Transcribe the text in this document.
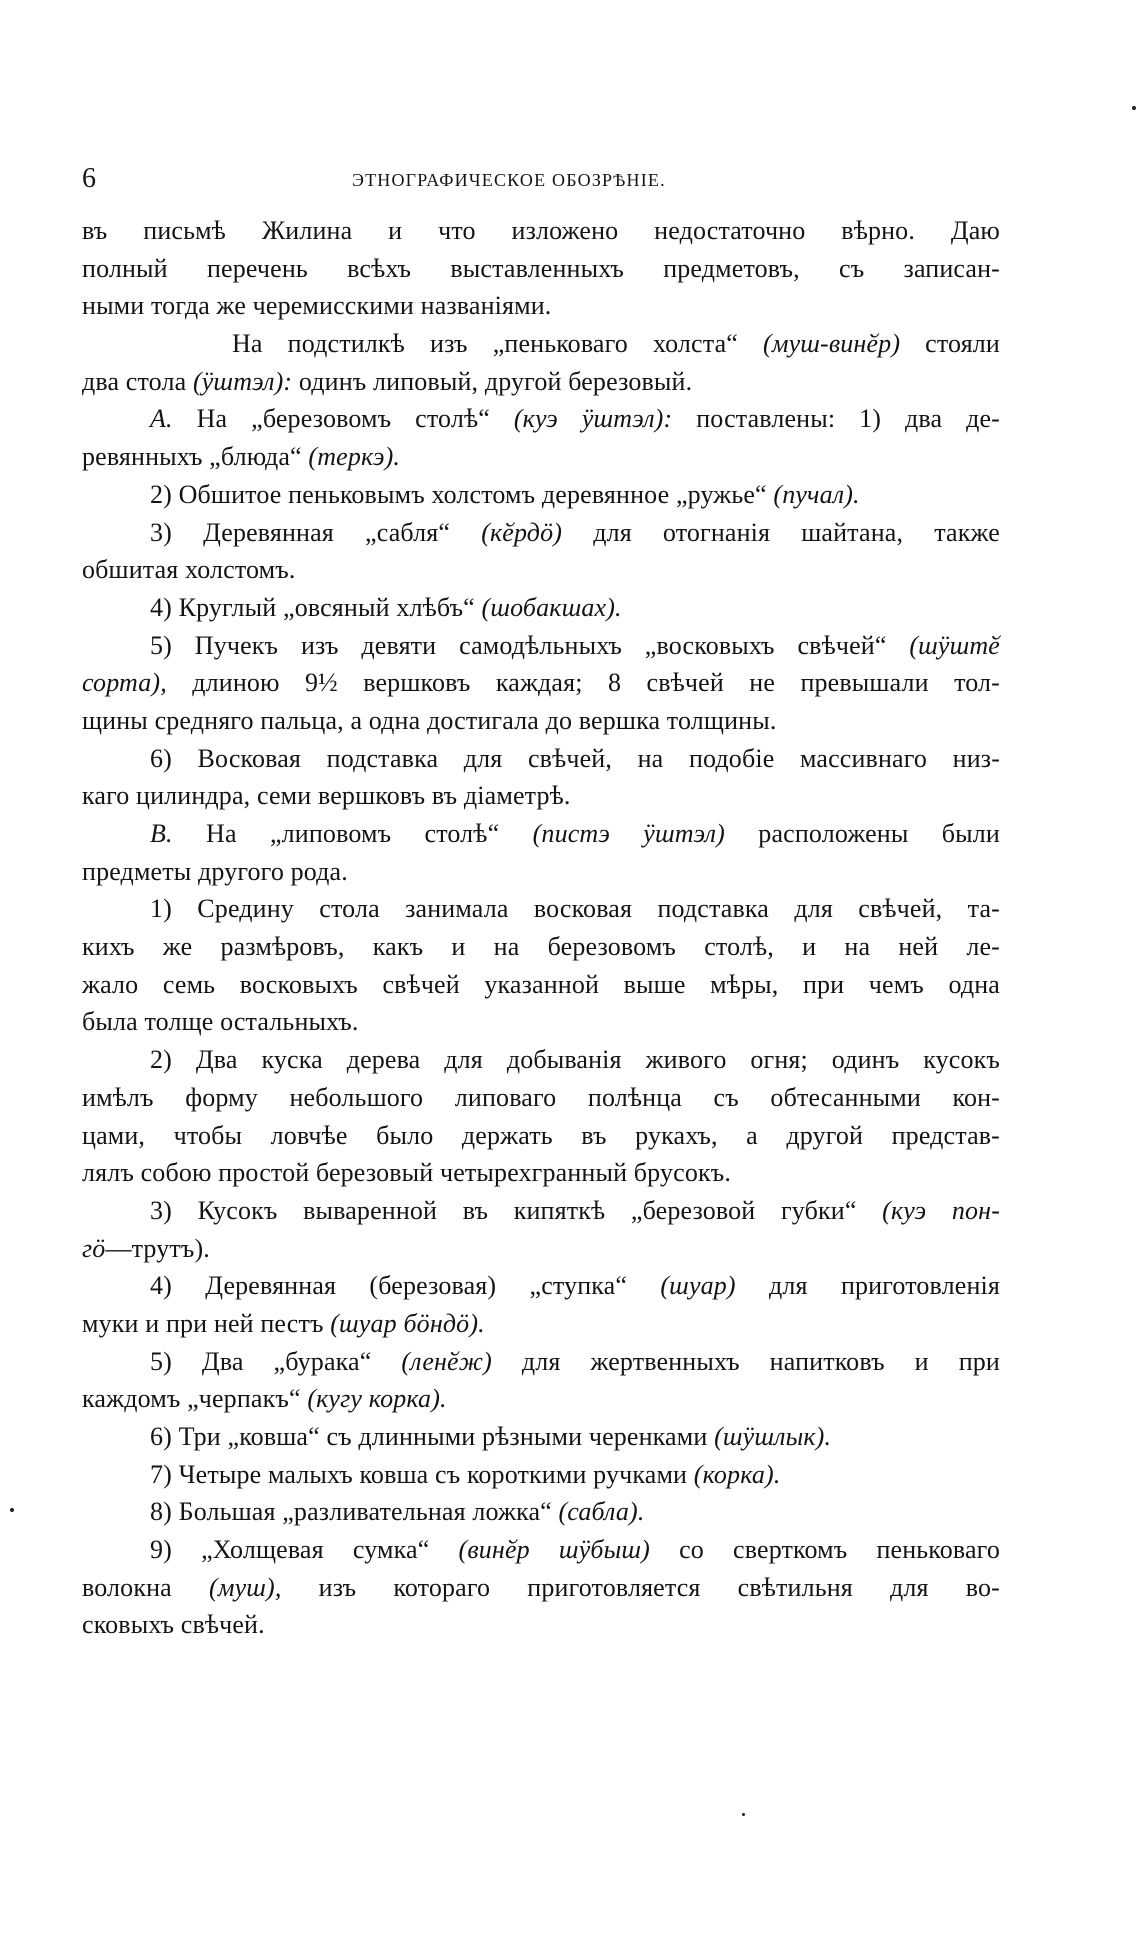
6	ЭТНОГРАФИЧЕСКОЕ ОБОЗРѢНІЕ.
въ письмѣ Жилина и что изложено недостаточно вѣрно. Даю
полный перечень всѣхъ выставленныхъ предметовъ, съ записан-
ными тогда же черемисскими названіями.
На подстилкѣ изъ „пеньковаго холста“ (муш-винӗр) стояли
два стола (ӱштэл): одинъ липовый, другой березовый.
А. На „березовомъ столѣ“ (куэ ӱштэл): поставлены: 1) два де-
ревянныхъ „блюда“ (теркэ).
2) Обшитое пеньковымъ холстомъ деревянное „ружье“ (пучал).
3) Деревянная „сабля“ (кӗрдӧ) для отогнанія шайтана, также
обшитая холстомъ.
4) Круглый „овсяный хлѣбъ“ (шобакшах).
5) Пучекъ изъ девяти самодѣльныхъ „восковыхъ свѣчей“ (шӱштӗ
сорта), длиною 9½ вершковъ каждая; 8 свѣчей не превышали тол-
щины средняго пальца, а одна достигала до вершка толщины.
6) Восковая подставка для свѣчей, на подобіе массивнаго низ-
каго цилиндра, семи вершковъ въ діаметрѣ.
В. На „липовомъ столѣ“ (пистэ ӱштэл) расположены были
предметы другого рода.
1) Средину стола занимала восковая подставка для свѣчей, та-
кихъ же размѣровъ, какъ и на березовомъ столѣ, и на ней ле-
жало семь восковыхъ свѣчей указанной выше мѣры, при чемъ одна
была толще остальныхъ.
2) Два куска дерева для добыванія живого огня; одинъ кусокъ
имѣлъ форму небольшого липоваго полѣнца съ обтесанными кон-
цами, чтобы ловчѣе было держать въ рукахъ, а другой представ-
лялъ собою простой березовый четырехгранный брусокъ.
3) Кусокъ вываренной въ кипяткѣ „березовой губки“ (куэ пон-
гӧ—трутъ).
4) Деревянная (березовая) „ступка“ (шуар) для приготовленія
муки и при ней пестъ (шуар бӧндӧ).
5) Два „бурака“ (ленӗж) для жертвенныхъ напитковъ и при
каждомъ „черпакъ“ (кугу корка).
6) Три „ковша“ съ длинными рѣзными черенками (шӱшлык).
7) Четыре малыхъ ковша съ короткими ручками (корка).
8) Большая „разливательная ложка“ (сабла).
9) „Холщевая сумка“ (винӗр шӱбыш) со сверткомъ пеньковаго
волокна (муш), изъ котораго приготовляется свѣтильня для во-
сковыхъ свѣчей.
